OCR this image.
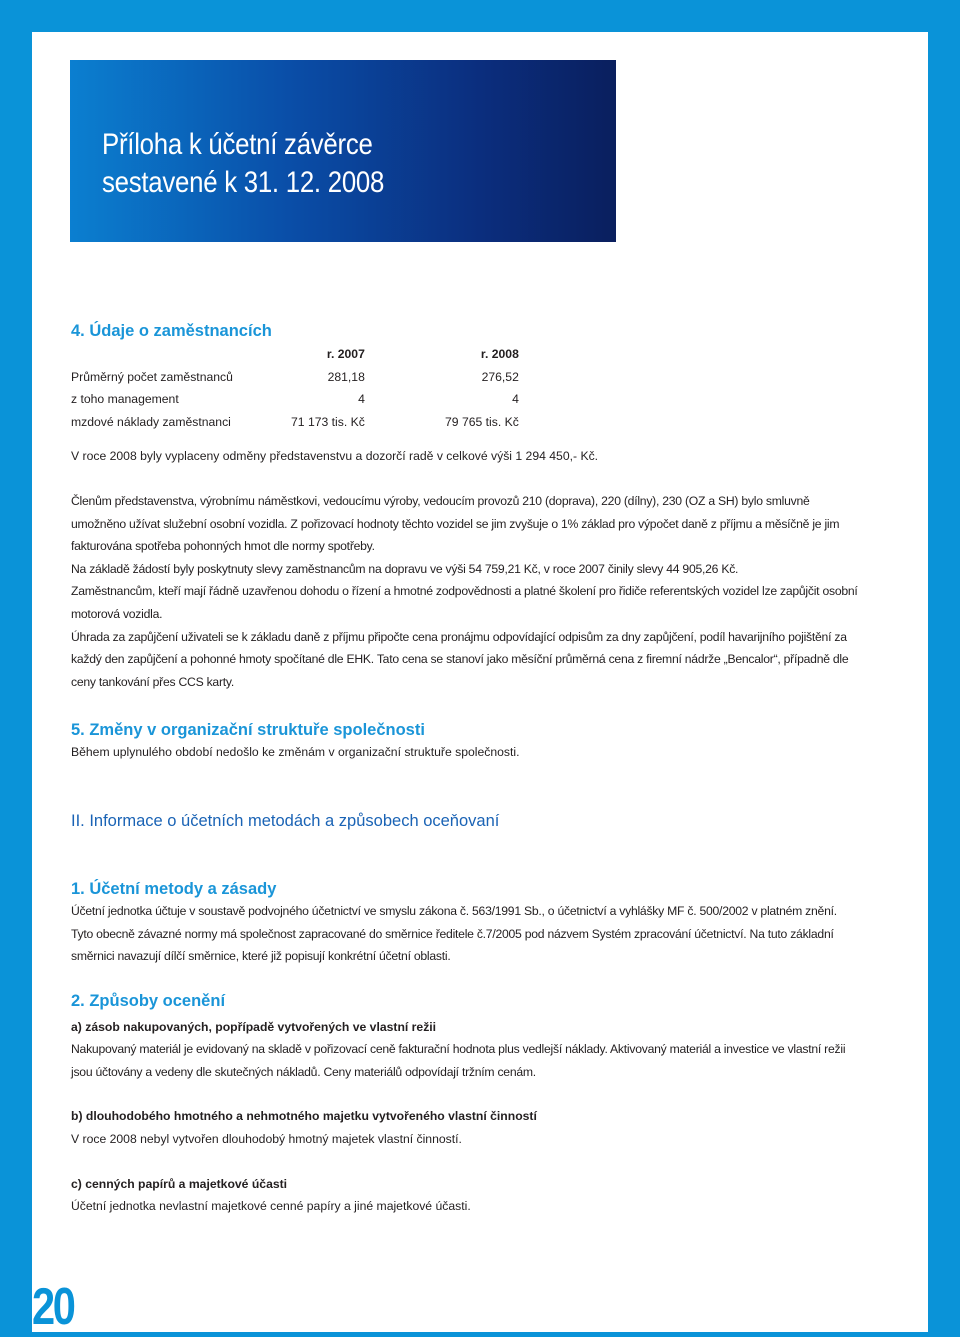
Příloha k účetní závěrce
sestavené k 31. 12. 2008
4. Údaje o zaměstnancích
	r. 2007	r. 2008
Průměrný počet zaměstnanců	281,18	276,52
z toho management	4	4
mzdové náklady zaměstnanci	71 173 tis. Kč	79 765 tis. Kč

V roce 2008 byly vyplaceny odměny představenstvu a dozorčí radě v celkové výši 1 294 450,- Kč.

Členům představenstva, výrobnímu náměstkovi, vedoucímu výroby, vedoucím provozů 210 (doprava), 220 (dílny), 230 (OZ a SH) bylo smluvně umožněno užívat služební osobní vozidla. Z pořizovací hodnoty těchto vozidel se jim zvyšuje o 1% základ pro výpočet daně z příjmu a měsíčně je jim fakturována spotřeba pohonných hmot dle normy spotřeby.

Na základě žádostí byly poskytnuty slevy zaměstnancům na dopravu ve výši 54 759,21 Kč, v roce 2007 činily slevy 44 905,26 Kč.

Zaměstnancům, kteří mají řádně uzavřenou dohodu o řízení a hmotné zodpovědnosti a platné školení pro řidiče referentských vozidel lze zapůjčit osobní motorová vozidla.

Úhrada za zapůjčení uživateli se k základu daně z příjmu připočte cena pronájmu odpovídající odpisům za dny zapůjčení, podíl havarijního pojištění za každý den zapůjčení a pohonné hmoty spočítané dle EHK. Tato cena se stanoví jako měsíční průměrná cena z firemní nádrže „Bencalor“, případně dle ceny tankování přes CCS karty.

5. Změny v organizační struktuře společnosti

Během uplynulého období nedošlo ke změnám v organizační struktuře společnosti.

II. Informace o účetních metodách a způsobech oceňovaní
1. Účetní metody a zásady

Účetní jednotka účtuje v soustavě podvojného účetnictví ve smyslu zákona č. 563/1991 Sb., o účetnictví a vyhlášky MF č. 500/2002 v platném znění. Tyto obecně závazné normy má společnost zapracované do směrnice ředitele č.7/2005 pod názvem Systém zpracování účetnictví. Na tuto základní směrnici navazují dílčí směrnice, které již popisují konkrétní účetní oblasti.

2. Způsoby ocenění
a) zásob nakupovaných, popřípadě vytvořených ve vlastní režii

Nakupovaný materiál je evidovaný na skladě v pořizovací ceně fakturační hodnota plus vedlejší náklady. Aktivovaný materiál a investice ve vlastní režii jsou účtovány a vedeny dle skutečných nákladů. Ceny materiálů odpovídají tržním cenám.

b) dlouhodobého hmotného a nehmotného majetku vytvořeného vlastní činností

V roce 2008 nebyl vytvořen dlouhodobý hmotný majetek vlastní činností.

c) cenných papírů a majetkové účasti

Účetní jednotka nevlastní majetkové cenné papíry a jiné majetkové účasti.

20
